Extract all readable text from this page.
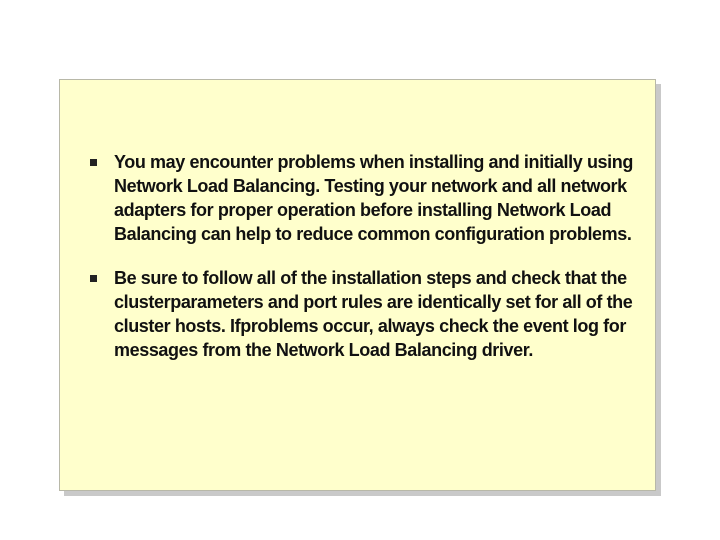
You may encounter problems when installing and initially using Network Load Balancing. Testing your network and all network adapters for proper operation before installing Network Load Balancing can help to reduce common configuration problems.
Be sure to follow all of the installation steps and check that the clusterparameters and port rules are identically set for all of the cluster hosts. Ifproblems occur, always check the event log for messages from the Network Load Balancing driver.
